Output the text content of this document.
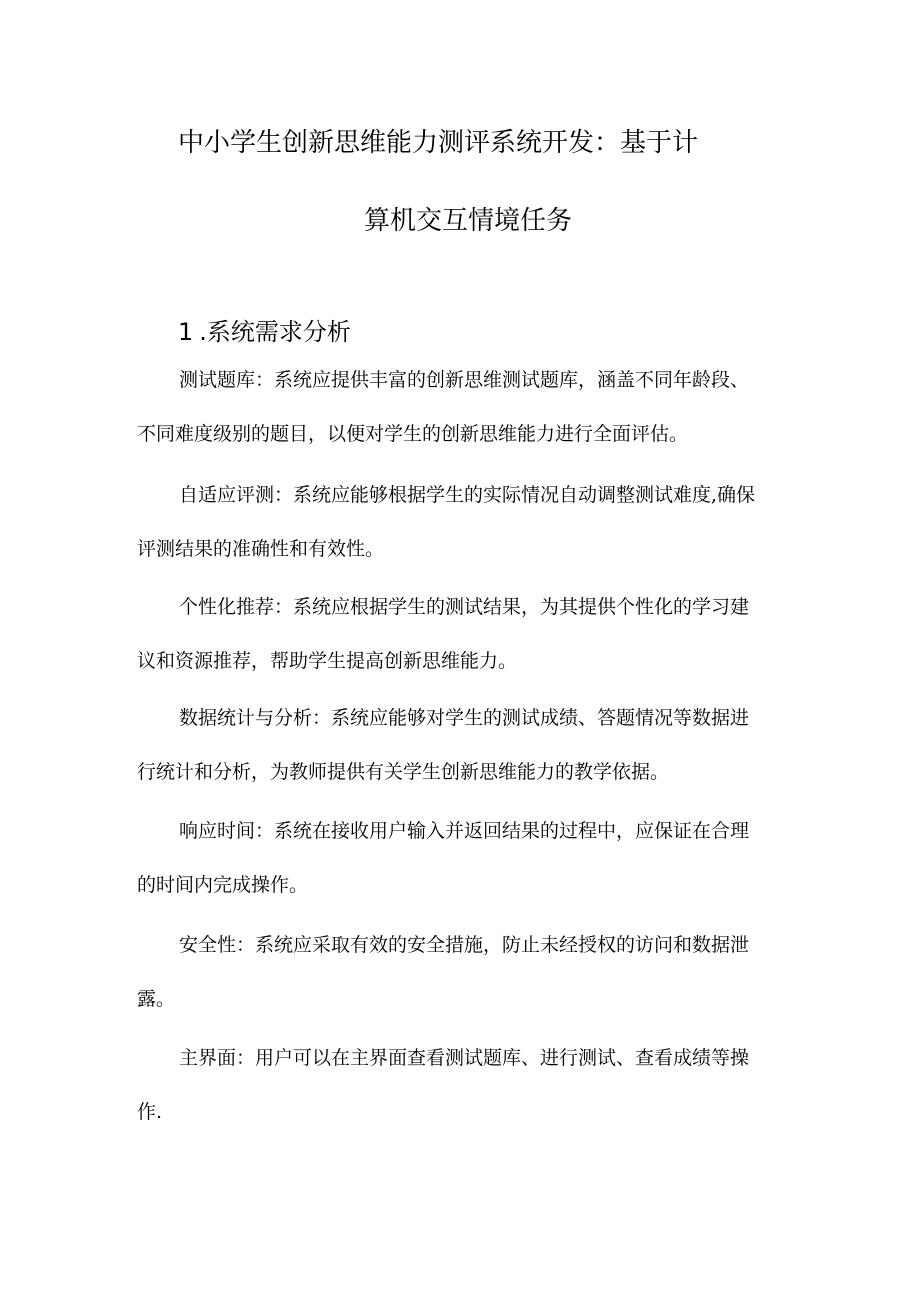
中小学生创新思维能力测评系统开发：基于计
算机交互情境任务
1 .系统需求分析
测试题库：系统应提供丰富的创新思维测试题库，涵盖不同年龄段、
不同难度级别的题目，以便对学生的创新思维能力进行全面评估。
自适应评测：系统应能够根据学生的实际情况自动调整测试难度,确保
评测结果的准确性和有效性。
个性化推荐：系统应根据学生的测试结果，为其提供个性化的学习建
议和资源推荐，帮助学生提高创新思维能力。
数据统计与分析：系统应能够对学生的测试成绩、答题情况等数据进
行统计和分析，为教师提供有关学生创新思维能力的教学依据。
响应时间：系统在接收用户输入并返回结果的过程中，应保证在合理
的时间内完成操作。
安全性：系统应采取有效的安全措施，防止未经授权的访问和数据泄
露。
主界面：用户可以在主界面查看测试题库、进行测试、查看成绩等操
作.
